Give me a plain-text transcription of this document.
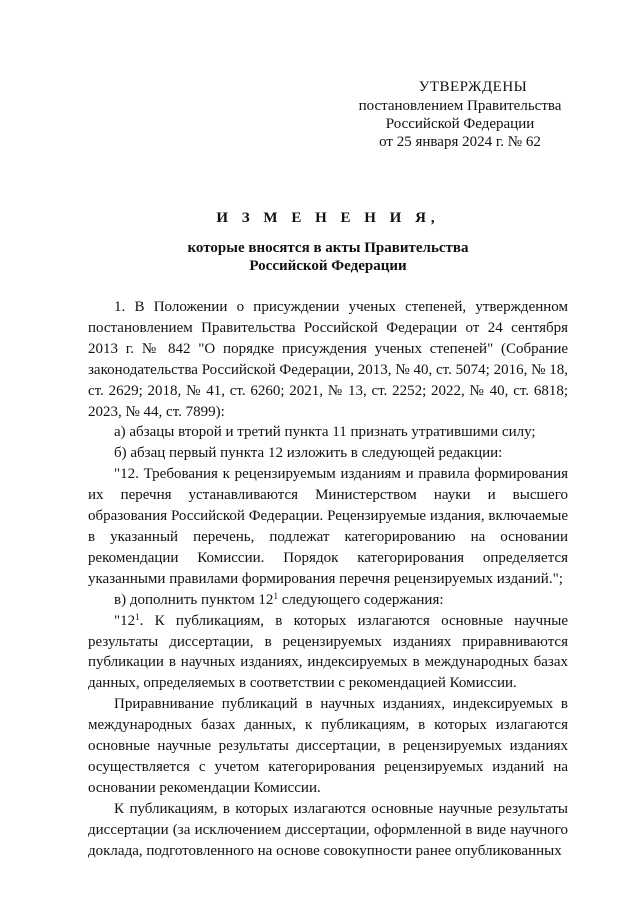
УТВЕРЖДЕНЫ
постановлением Правительства
Российской Федерации
от 25 января 2024 г. № 62
И З М Е Н Е Н И Я,
которые вносятся в акты Правительства
Российской Федерации

1. В Положении о присуждении ученых степеней, утвержденном постановлением Правительства Российской Федерации от 24 сентября 2013 г. № 842 "О порядке присуждения ученых степеней" (Собрание законодательства Российской Федерации, 2013, № 40, ст. 5074; 2016, № 18, ст. 2629; 2018, № 41, ст. 6260; 2021, № 13, ст. 2252; 2022, № 40, ст. 6818; 2023, № 44, ст. 7899):

а) абзацы второй и третий пункта 11 признать утратившими силу;

б) абзац первый пункта 12 изложить в следующей редакции:

"12. Требования к рецензируемым изданиям и правила формирования их перечня устанавливаются Министерством науки и высшего образования Российской Федерации. Рецензируемые издания, включаемые в указанный перечень, подлежат категорированию на основании рекомендации Комиссии. Порядок категорирования определяется указанными правилами формирования перечня рецензируемых изданий.";

в) дополнить пунктом $12^1$ следующего содержания:

"$12^1$. К публикациям, в которых излагаются основные научные результаты диссертации, в рецензируемых изданиях приравниваются публикации в научных изданиях, индексируемых в международных базах данных, определяемых в соответствии с рекомендацией Комиссии.

Приравнивание публикаций в научных изданиях, индексируемых в международных базах данных, к публикациям, в которых излагаются основные научные результаты диссертации, в рецензируемых изданиях осуществляется с учетом категорирования рецензируемых изданий на основании рекомендации Комиссии.

К публикациям, в которых излагаются основные научные результаты диссертации (за исключением диссертации, оформленной в виде научного доклада, подготовленного на основе совокупности ранее опубликованных
